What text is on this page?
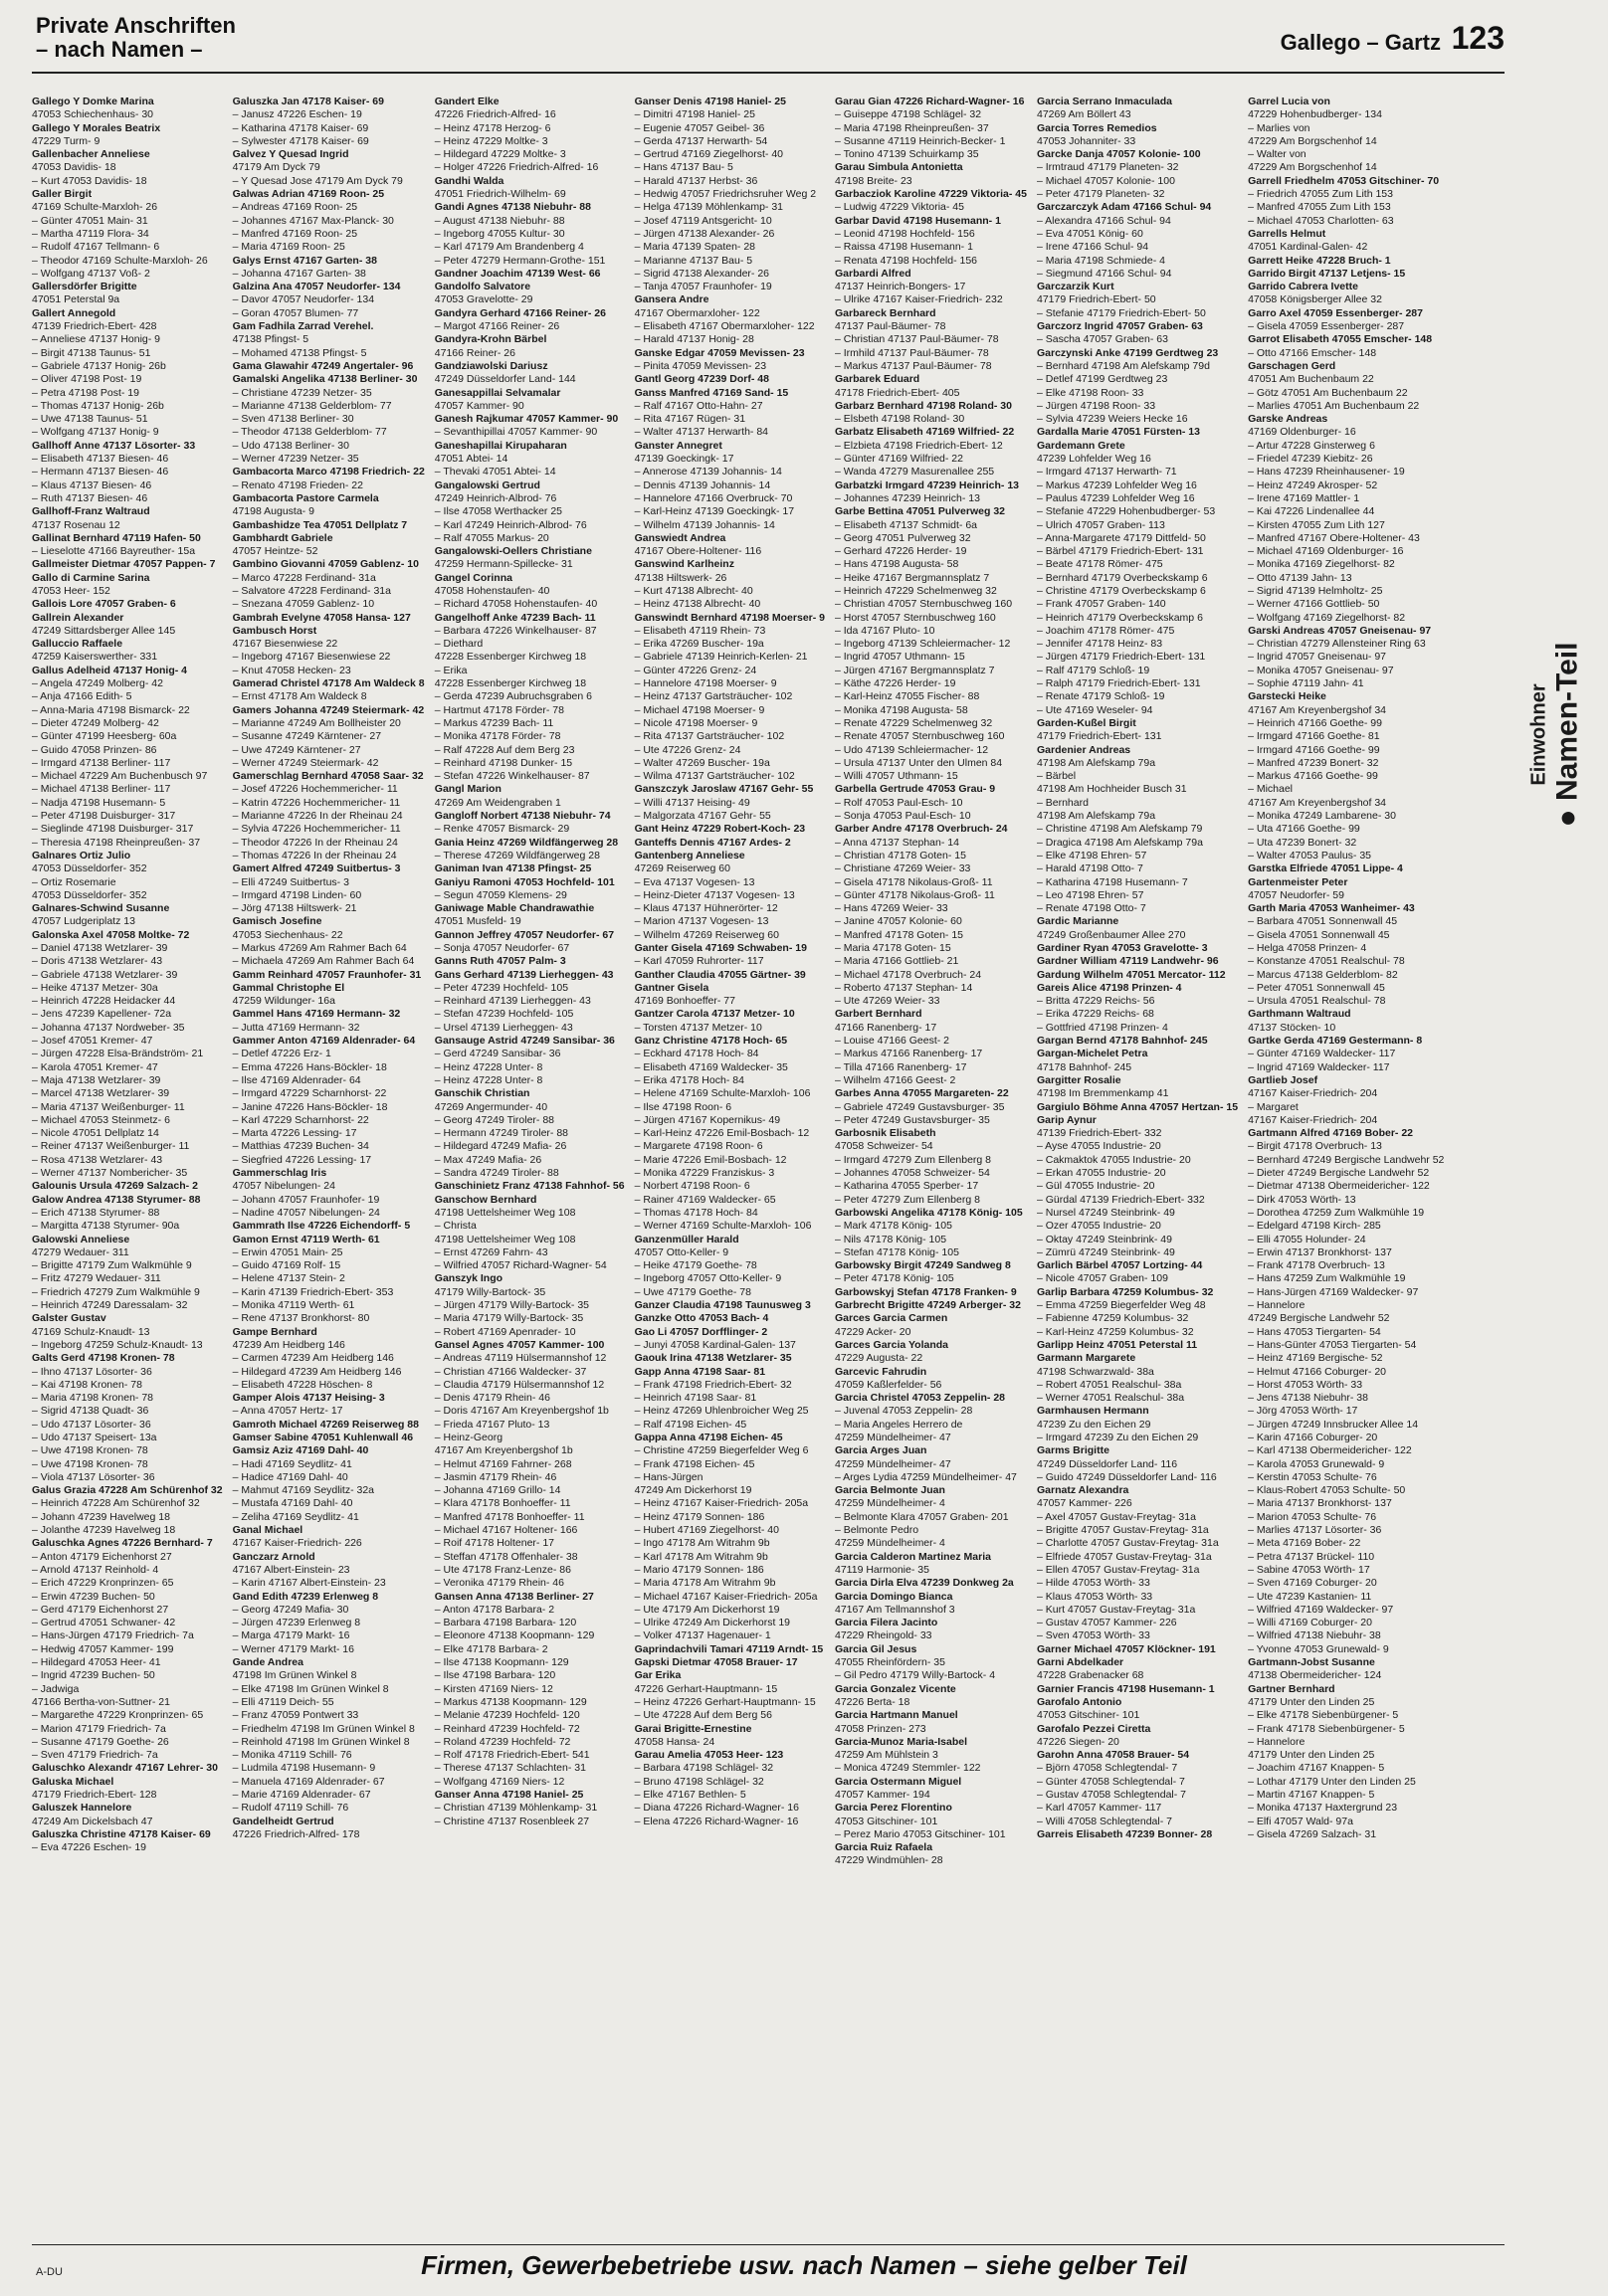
Private Anschriften
– nach Namen –	Gallego – Gartz 123
Gallego Y Domke Marina
47053 Schiechenhaus- 30
Gallego Y Morales Beatrix
47229 Turm- 9
Gallenbacher Anneliese
47053 Davidis- 18
– Kurt 47053 Davidis- 18
Galler Birgit
47169 Schulte-Marxloh- 26
– Günter 47051 Main- 31
– Martha 47119 Flora- 34
– Rudolf 47167 Tellmann- 6
– Theodor 47169 Schulte-Marxloh- 26
– Wolfgang 47137 Voß- 2
Gallersdörfer Brigitte
47051 Peterstal 9a
Gallert Annegold
47139 Friedrich-Ebert- 428
– Anneliese 47137 Honig- 9
– Birgit 47138 Taunus- 51
– Gabriele 47137 Honig- 26b
– Oliver 47198 Post- 19
– Petra 47198 Post- 19
– Thomas 47137 Honig- 26b
– Uwe 47138 Taunus- 51
– Wolfgang 47137 Honig- 9
Gallhoff Anne 47137 Lösorter- 33
– Elisabeth 47137 Biesen- 46
– Hermann 47137 Biesen- 46
– Klaus 47137 Biesen- 46
– Ruth 47137 Biesen- 46
Gallhoff-Franz Waltraud
47137 Rosenau 12
Gallinat Bernhard 47119 Hafen- 50
– Lieselotte 47166 Bayreuther- 15a
Gallmeister Dietmar 47057 Pappen- 7
Gallo di Carmine Sarina
47053 Heer- 152
Gallois Lore 47057 Graben- 6
Gallrein Alexander
47249 Sittardsberger Allee 145
Galluccio Raffaele
47259 Kaiserswerther- 331
Gallus Adelheid 47137 Honig- 4
– Angela 47249 Molberg- 42
– Anja 47166 Edith- 5
– Anna-Maria 47198 Bismarck- 22
– Dieter 47249 Molberg- 42
– Günter 47199 Heesberg- 60a
– Guido 47058 Prinzen- 86
– Irmgard 47138 Berliner- 117
– Michael 47229 Am Buchenbusch 97
– Michael 47138 Berliner- 117
– Nadja 47198 Husemann- 5
– Peter 47198 Duisburger- 317
– Sieglinde 47198 Duisburger- 317
– Theresia 47198 Rheinpreußen- 37
Galnares Ortiz Julio
47053 Düsseldorfer- 352
– Ortiz Rosemarie
47053 Düsseldorfer- 352
Galnares-Schwind Susanne
47057 Ludgeriplatz 13
Galonska Axel 47058 Moltke- 72
– Daniel 47138 Wetzlarer- 39
– Doris 47138 Wetzlarer- 43
– Gabriele 47138 Wetzlarer- 39
– Heike 47137 Metzer- 30a
– Heinrich 47228 Heidacker 44
– Jens 47239 Kapellener- 72a
– Johanna 47137 Nordweber- 35
– Josef 47051 Kremer- 47
– Jürgen 47228 Elsa-Brändström- 21
– Karola 47051 Kremer- 47
– Maja 47138 Wetzlarer- 39
– Marcel 47138 Wetzlarer- 39
– Maria 47137 Weißenburger- 11
– Michael 47053 Steinmetz- 6
– Nicole 47051 Dellplatz 14
– Reiner 47137 Weißenburger- 11
– Rosa 47138 Wetzlarer- 43
– Werner 47137 Nombericher- 35
Galounis Ursula 47269 Salzach- 2
Galow Andrea 47138 Styrumer- 88
– Erich 47138 Styrumer- 88
– Margitta 47138 Styrumer- 90a
Galowski Anneliese
47279 Wedauer- 311
– Brigitte 47179 Zum Walkmühle 9
– Fritz 47279 Wedauer- 311
– Friedrich 47279 Zum Walkmühle 9
– Heinrich 47249 Daressalam- 32
Galster Gustav
47169 Schulz-Knaudt- 13
– Ingeborg 47259 Schulz-Knaudt- 13
Galts Gerd 47198 Kronen- 78
– Ihno 47137 Lösorter- 36
– Kai 47198 Kronen- 78
– Maria 47198 Kronen- 78
– Sigrid 47138 Quadt- 36
– Udo 47137 Lösorter- 36
– Udo 47137 Speisert- 13a
– Uwe 47198 Kronen- 78
– Uwe 47198 Kronen- 78
– Viola 47137 Lösorter- 36
Galus Grazia 47228 Am Schürenhof 32
– Heinrich 47228 Am Schürenhof 32
– Johann 47239 Havelweg 18
– Jolanthe 47239 Havelweg 18
Galuschka Agnes 47226 Bernhard- 7
– Anton 47179 Eichenhorst 27
– Arnold 47137 Reinhold- 4
– Erich 47229 Kronprinzen- 65
– Erwin 47239 Buchen- 50
– Gerd 47179 Eichenhorst 27
– Gertrud 47051 Schwaner- 42
– Hans-Jürgen 47179 Friedrich- 7a
– Hedwig 47057 Kammer- 199
– Hildegard 47053 Heer- 41
– Ingrid 47239 Buchen- 50
– Jadwiga
47166 Bertha-von-Suttner- 21
– Margarethe 47229 Kronprinzen- 65
– Marion 47179 Friedrich- 7a
– Susanne 47179 Goethe- 26
– Sven 47179 Friedrich- 7a
Galuschko Alexandr 47167 Lehrer- 30
Galuska Michael
47179 Friedrich-Ebert- 128
Galuszek Hannelore
47249 Am Dickelsbach 47
Galuszka Christine 47178 Kaiser- 69
– Eva 47226 Eschen- 19
Galuszka Jan 47178 Kaiser- 69
– Janusz 47226 Eschen- 19
– Katharina 47178 Kaiser- 69
– Sylwester 47178 Kaiser- 69
Galvez Y Quesad Ingrid
47179 Am Dyck 79
– Y Quesad Jose 47179 Am Dyck 79
Galwas Adrian 47169 Roon- 25
– Andreas 47169 Roon- 25
– Johannes 47167 Max-Planck- 30
– Manfred 47169 Roon- 25
– Maria 47169 Roon- 25
Galys Ernst 47167 Garten- 38
– Johanna 47167 Garten- 38
Galzina Ana 47057 Neudorfer- 134
– Davor 47057 Neudorfer- 134
– Goran 47057 Blumen- 77
Gam Fadhila Zarrad Verehel.
47138 Pfingst- 5
– Mohamed 47138 Pfingst- 5
Gama Glawahir 47249 Angertaler- 96
Gamalski Angelika 47138 Berliner- 30
– Christiane 47239 Netzer- 35
– Marianne 47138 Gelderblom- 77
– Sven 47138 Berliner- 30
– Theodor 47138 Gelderblom- 77
– Udo 47138 Berliner- 30
– Werner 47239 Netzer- 35
Gambacorta Marco 47198 Friedrich- 22
– Renato 47198 Frieden- 22
Gambacorta Pastore Carmela
47198 Augusta- 9
Gambashidze Tea 47051 Dellplatz 7
Gambhardt Gabriele
47057 Heintze- 52
Gambino Giovanni 47059 Gablenz- 10
– Marco 47228 Ferdinand- 31a
– Salvatore 47228 Ferdinand- 31a
– Snezana 47059 Gablenz- 10
Gambrah Evelyne 47058 Hansa- 127
Gambusch Horst
47167 Biesenwiese 22
– Ingeborg 47167 Biesenwiese 22
– Knut 47058 Hecken- 23
Gamerad Christel 47178 Am Waldeck 8
– Ernst 47178 Am Waldeck 8
Gamers Johanna 47249 Steiermark- 42
– Marianne 47249 Am Bollheister 20
– Susanne 47249 Kärntener- 27
– Uwe 47249 Kärntener- 27
– Werner 47249 Steiermark- 42
Gamerschlag Bernhard 47058 Saar- 32
– Josef 47226 Hochemmericher- 11
– Katrin 47226 Hochemmericher- 11
– Marianne 47226 In der Rheinau 24
– Sylvia 47226 Hochemmericher- 11
– Theodor 47226 In der Rheinau 24
– Thomas 47226 In der Rheinau 24
Gamert Alfred 47249 Suitbertus- 3
– Elli 47249 Suitbertus- 3
– Irmgard 47198 Linden- 60
– Jörg 47138 Hiltswerk- 21
Gamisch Josefine
47053 Siechenhaus- 22
– Markus 47269 Am Rahmer Bach 64
– Michaela 47269 Am Rahmer Bach 64
Gamm Reinhard 47057 Fraunhofer- 31
Gammal Christophe El
47259 Wildunger- 16a
Gammel Hans 47169 Hermann- 32
– Jutta 47169 Hermann- 32
Gammer Anton 47169 Aldenrader- 64
– Detlef 47226 Erz- 1
– Emma 47226 Hans-Böckler- 18
– Ilse 47169 Aldenrader- 64
– Irmgard 47229 Scharnhorst- 22
– Janine 47226 Hans-Böckler- 18
– Karl 47229 Scharnhorst- 22
– Marta 47226 Lessing- 17
– Matthias 47239 Buchen- 34
– Siegfried 47226 Lessing- 17
Gammerschlag Iris
47057 Nibelungen- 24
– Johann 47057 Fraunhofer- 19
– Nadine 47057 Nibelungen- 24
Gammrath Ilse 47226 Eichendorff- 5
Gamon Ernst 47119 Werth- 61
– Erwin 47051 Main- 25
– Guido 47169 Rolf- 15
– Helene 47137 Stein- 2
– Karin 47139 Friedrich-Ebert- 353
– Monika 47119 Werth- 61
– Rene 47137 Bronkhorst- 80
Gampe Bernhard
47239 Am Heidberg 146
– Carmen 47239 Am Heidberg 146
– Hildegard 47239 Am Heidberg 146
– Elisabeth 47228 Höschen- 8
Gamper Alois 47137 Heising- 3
– Anna 47057 Hertz- 17
Gamroth Michael 47269 Reiserweg 88
Gamser Sabine 47051 Kuhlenwall 46
Gamsiz Aziz 47169 Dahl- 40
– Hadi 47169 Seydlitz- 41
– Hadice 47169 Dahl- 40
– Mahmut 47169 Seydlitz- 32a
– Mustafa 47169 Dahl- 40
– Zeliha 47169 Seydlitz- 41
Ganal Michael
47167 Kaiser-Friedrich- 226
Ganczarz Arnold
47167 Albert-Einstein- 23
– Karin 47167 Albert-Einstein- 23
Gand Edith 47239 Erlenweg 8
– Georg 47249 Mafia- 30
– Jürgen 47239 Erlenweg 8
– Marga 47179 Markt- 16
– Werner 47179 Markt- 16
Gande Andrea
47198 Im Grünen Winkel 8
– Elke 47198 Im Grünen Winkel 8
– Elli 47119 Deich- 55
– Franz 47059 Pontwert 33
– Friedhelm 47198 Im Grünen Winkel 8
– Reinhold 47198 Im Grünen Winkel 8
– Monika 47119 Schill- 76
– Ludmila 47198 Husemann- 9
– Manuela 47169 Aldenrader- 67
– Marie 47169 Aldenrader- 67
– Rudolf 47119 Schill- 76
Gandelheidt Gertrud
47226 Friedrich-Alfred- 178
Gandert Elke
47226 Friedrich-Alfred- 16
– Heinz 47178 Herzog- 6
– Heinz 47229 Moltke- 3
– Hildegard 47229 Moltke- 3
– Holger 47226 Friedrich-Alfred- 16
Gandhi Walda
47051 Friedrich-Wilhelm- 69
Gandi Agnes 47138 Niebuhr- 88
– August 47138 Niebuhr- 88
– Ingeborg 47055 Kultur- 30
– Karl 47179 Am Brandenberg 4
– Peter 47279 Hermann-Grothe- 151
Gandner Joachim 47139 West- 66
Gandolfo Salvatore
47053 Gravelotte- 29
Gandyra Gerhard 47166 Reiner- 26
– Margot 47166 Reiner- 26
Gandyra-Krohn Bärbel
47166 Reiner- 26
Gandziawolski Dariusz
47249 Düsseldorfer Land- 144
Ganesappillai Selvamalar
47057 Kammer- 90
Ganesh Rajkumar 47057 Kammer- 90
– Sevanthipillai 47057 Kammer- 90
Ganeshapillai Kirupaharan
47051 Abtei- 14
– Thevaki 47051 Abtei- 14
Gangalowski Gertrud
47249 Heinrich-Albrod- 76
– Ilse 47058 Werthacker 25
– Karl 47249 Heinrich-Albrod- 76
– Ralf 47055 Markus- 20
Gangalowski-Oellers Christiane
47259 Hermann-Spillecke- 31
Gangel Corinna
47058 Hohenstaufen- 40
– Richard 47058 Hohenstaufen- 40
Gangelhoff Anke 47239 Bach- 11
– Barbara 47226 Winkelhauser- 87
– Diethard
47228 Essenberger Kirchweg 18
– Erika
47228 Essenberger Kirchweg 18
– Gerda 47239 Aubruchsgraben 6
– Hartmut 47178 Förder- 78
– Markus 47239 Bach- 11
– Monika 47178 Förder- 78
– Ralf 47228 Auf dem Berg 23
– Reinhard 47198 Dunker- 15
– Stefan 47226 Winkelhauser- 87
Gangl Marion
47269 Am Weidengraben 1
Gangloff Norbert 47138 Niebuhr- 74
– Renke 47057 Bismarck- 29
Gania Heinz 47269 Wildfängerweg 28
– Therese 47269 Wildfängerweg 28
Ganiman Ivan 47138 Pfingst- 25
Ganiyu Ramoni 47053 Hochfeld- 101
– Segun 47059 Klemens- 29
Ganiwage Mable Chandrawathie
47051 Musfeld- 19
Gannon Jeffrey 47057 Neudorfer- 67
– Sonja 47057 Neudorfer- 67
Ganns Ruth 47057 Palm- 3
Gans Gerhard 47139 Lierheggen- 43
– Peter 47239 Hochfeld- 105
– Reinhard 47139 Lierheggen- 43
– Stefan 47239 Hochfeld- 105
– Ursel 47139 Lierheggen- 43
Gansauge Astrid 47249 Sansibar- 36
– Gerd 47249 Sansibar- 36
– Heinz 47228 Unter- 8
– Heinz 47228 Unter- 8
Ganschik Christian
47269 Angermunder- 40
– Georg 47249 Tiroler- 88
– Hermann 47249 Tiroler- 88
– Hildegard 47249 Mafia- 26
– Max 47249 Mafia- 26
– Sandra 47249 Tiroler- 88
Ganschinietz Franz 47138 Fahnhof- 56
Ganschow Bernhard
47198 Uettelsheimer Weg 108
– Christa
47198 Uettelsheimer Weg 108
– Ernst 47269 Fahrn- 43
– Wilfried 47057 Richard-Wagner- 54
Ganszyk Ingo
47179 Willy-Bartock- 35
– Jürgen 47179 Willy-Bartock- 35
– Maria 47179 Willy-Bartock- 35
– Robert 47169 Apenrader- 10
Gansel Agnes 47057 Kammer- 100
– Andreas 47119 Hülsermannshof 12
– Christian 47166 Waldecker- 37
– Claudia 47179 Hülsermannshof 12
– Denis 47179 Rhein- 46
– Doris 47167 Am Kreyenbergshof 1b
– Frieda 47167 Pluto- 13
– Heinz-Georg
47167 Am Kreyenbergshof 1b
– Helmut 47169 Fahrner- 268
– Jasmin 47179 Rhein- 46
– Johanna 47169 Grillo- 14
– Klara 47178 Bonhoeffer- 11
– Manfred 47178 Bonhoeffer- 11
– Michael 47167 Holtener- 166
– Roif 47178 Holtener- 17
– Steffan 47178 Offenhaler- 38
– Ute 47178 Franz-Lenze- 86
– Veronika 47179 Rhein- 46
Gansen Anna 47138 Berliner- 27
– Anton 47178 Barbara- 2
– Barbara 47198 Barbara- 120
– Eleonore 47138 Koopmann- 129
– Elke 47178 Barbara- 2
– Ilse 47138 Koopmann- 129
– Ilse 47198 Barbara- 120
– Kirsten 47169 Niers- 12
– Markus 47138 Koopmann- 129
– Melanie 47239 Hochfeld- 120
– Reinhard 47239 Hochfeld- 72
– Roland 47239 Hochfeld- 72
– Rolf 47178 Friedrich-Ebert- 541
– Therese 47137 Schlachten- 31
– Wolfgang 47169 Niers- 12
Ganser Anna 47198 Haniel- 25
– Christian 47139 Möhlenkamp- 31
– Christine 47137 Rosenbleek 27
Ganser Denis 47198 Haniel- 25
– Dimitri 47198 Haniel- 25
– Eugenie 47057 Geibel- 36
– Gerda 47137 Herwarth- 54
– Gertrud 47169 Ziegelhorst- 40
– Hans 47137 Bau- 5
– Harald 47137 Herbst- 36
– Hedwig 47057 Friedrichsruher Weg 2
– Helga 47139 Möhlenkamp- 31
– Josef 47119 Antsgericht- 10
– Jürgen 47138 Alexander- 26
– Maria 47139 Spaten- 28
– Marianne 47137 Bau- 5
– Sigrid 47138 Alexander- 26
– Tanja 47057 Fraunhofer- 19
Gansera Andre
47167 Obermarxloher- 122
– Elisabeth 47167 Obermarxloher- 122
– Harald 47137 Honig- 28
Ganske Edgar 47059 Mevissen- 23
– Pinita 47059 Mevissen- 23
Gantl Georg 47239 Dorf- 48
Ganss Manfred 47169 Sand- 15
– Ralf 47167 Otto-Hahn- 27
– Rita 47167 Rügen- 31
– Walter 47137 Herwarth- 84
Ganster Annegret
47139 Goeckingk- 17
– Annerose 47139 Johannis- 14
– Dennis 47139 Johannis- 14
– Hannelore 47166 Overbruck- 70
– Karl-Heinz 47139 Goeckingk- 17
– Wilhelm 47139 Johannis- 14
Ganswiedt Andrea
47167 Obere-Holtener- 116
Ganswind Karlheinz
47138 Hiltswerk- 26
– Kurt 47138 Albrecht- 40
– Heinz 47138 Albrecht- 40
Ganswindt Bernhard 47198 Moerser- 9
– Elisabeth 47119 Rhein- 73
– Erika 47269 Buscher- 19a
– Gabriele 47139 Heinrich-Kerlen- 21
– Günter 47226 Grenz- 24
– Hannelore 47198 Moerser- 9
– Heinz 47137 Gartsträucher- 102
– Michael 47198 Moerser- 9
– Nicole 47198 Moerser- 9
– Rita 47137 Gartsträucher- 102
– Ute 47226 Grenz- 24
– Walter 47269 Buscher- 19a
– Wilma 47137 Gartsträucher- 102
Ganszczyk Jaroslaw 47167 Gehr- 55
– Willi 47137 Heising- 49
– Malgorzata 47167 Gehr- 55
Gant Heinz 47229 Robert-Koch- 23
Ganteffs Dennis 47167 Ardes- 2
Gantenberg Anneliese
47269 Reiserweg 60
– Eva 47137 Vogesen- 13
– Heinz-Dieter 47137 Vogesen- 13
– Klaus 47137 Hühnerörter- 12
– Marion 47137 Vogesen- 13
– Wilhelm 47269 Reiserweg 60
Ganter Gisela 47169 Schwaben- 19
– Karl 47059 Ruhrorter- 117
Ganther Claudia 47055 Gärtner- 39
Gantner Gisela
47169 Bonhoeffer- 77
Gantzer Carola 47137 Metzer- 10
– Torsten 47137 Metzer- 10
Ganz Christine 47178 Hoch- 65
– Eckhard 47178 Hoch- 84
– Elisabeth 47169 Waldecker- 35
– Erika 47178 Hoch- 84
– Helene 47169 Schulte-Marxloh- 106
– Ilse 47198 Roon- 6
– Jürgen 47167 Kopernikus- 49
– Karl-Heinz 47226 Emil-Bosbach- 12
– Margarete 47198 Roon- 6
– Marie 47226 Emil-Bosbach- 12
– Monika 47229 Franziskus- 3
– Norbert 47198 Roon- 6
– Rainer 47169 Waldecker- 65
– Thomas 47178 Hoch- 84
– Werner 47169 Schulte-Marxloh- 106
Ganzenmüller Harald
47057 Otto-Keller- 9
– Heike 47179 Goethe- 78
– Ingeborg 47057 Otto-Keller- 9
– Uwe 47179 Goethe- 78
Ganzer Claudia 47198 Taunusweg 3
Ganzke Otto 47053 Bach- 4
Gao Li 47057 Dorfflinger- 2
– Junyi 47058 Kardinal-Galen- 137
Gaouk Irina 47138 Wetzlarer- 35
Gapp Anna 47198 Saar- 81
– Frank 47198 Friedrich-Ebert- 32
– Heinrich 47198 Saar- 81
– Heinz 47269 Uhlenbroicher Weg 25
– Ralf 47198 Eichen- 45
Gappa Anna 47198 Eichen- 45
– Christine 47259 Biegerfelder Weg 6
– Frank 47198 Eichen- 45
– Hans-Jürgen
47249 Am Dickerhorst 19
– Heinz 47167 Kaiser-Friedrich- 205a
– Heinz 47179 Sonnen- 186
– Hubert 47169 Ziegelhorst- 40
– Ingo 47178 Am Witrahm 9b
– Karl 47178 Am Witrahm 9b
– Mario 47179 Sonnen- 186
– Maria 47178 Am Witrahm 9b
– Michael 47167 Kaiser-Friedrich- 205a
– Ute 47179 Am Dickerhorst 19
– Ulrike 47249 Am Dickerhorst 19
– Volker 47137 Hagenauer- 1
Gaprindachvili Tamari 47119 Arndt- 15
Gapski Dietmar 47058 Brauer- 17
Gar Erika
47226 Gerhart-Hauptmann- 15
– Heinz 47226 Gerhart-Hauptmann- 15
– Ute 47228 Auf dem Berg 56
Garai Brigitte-Ernestine
47058 Hansa- 24
Garau Amelia 47053 Heer- 123
– Barbara 47198 Schlägel- 32
– Bruno 47198 Schlägel- 32
– Elke 47167 Bethlen- 5
– Diana 47226 Richard-Wagner- 16
– Elena 47226 Richard-Wagner- 16
Garau Gian 47226 Richard-Wagner- 16
– Guiseppe 47198 Schlägel- 32
– Maria 47198 Rheinpreußen- 37
– Susanne 47119 Heinrich-Becker- 1
– Tonino 47139 Schuirkamp 35
Garau Simbula Antonietta
47198 Breite- 23
Garbacziok Karoline 47229 Viktoria- 45
– Ludwig 47229 Viktoria- 45
Garbar David 47198 Husemann- 1
– Leonid 47198 Hochfeld- 156
– Raissa 47198 Husemann- 1
– Renata 47198 Hochfeld- 156
Garbardi Alfred
47137 Heinrich-Bongers- 17
– Ulrike 47167 Kaiser-Friedrich- 232
Garbareck Bernhard
47137 Paul-Bäumer- 78
– Christian 47137 Paul-Bäumer- 78
– Irmhild 47137 Paul-Bäumer- 78
– Markus 47137 Paul-Bäumer- 78
Garbarek Eduard
47178 Friedrich-Ebert- 405
Garbarz Bernhard 47198 Roland- 30
– Elsbeth 47198 Roland- 30
Garbatz Elisabeth 47169 Wilfried- 22
– Elzbieta 47198 Friedrich-Ebert- 12
– Günter 47169 Wilfried- 22
– Wanda 47279 Masurenallee 255
Garbatzki Irmgard 47239 Heinrich- 13
– Johannes 47239 Heinrich- 13
Garbe Bettina 47051 Pulverweg 32
– Elisabeth 47137 Schmidt- 6a
– Georg 47051 Pulverweg 32
– Gerhard 47226 Herder- 19
– Hans 47198 Augusta- 58
– Heike 47167 Bergmannsplatz 7
– Heinrich 47229 Schelmenweg 32
– Christian 47057 Sternbuschweg 160
– Horst 47057 Sternbuschweg 160
– Ida 47167 Pluto- 10
– Ingeborg 47139 Schleiermacher- 12
– Ingrid 47057 Uthmann- 15
– Jürgen 47167 Bergmannsplatz 7
– Käthe 47226 Herder- 19
– Karl-Heinz 47055 Fischer- 88
– Monika 47198 Augusta- 58
– Renate 47229 Schelmenweg 32
– Renate 47057 Sternbuschweg 160
– Udo 47139 Schleiermacher- 12
– Ursula 47137 Unter den Ulmen 84
– Willi 47057 Uthmann- 15
Garbella Gertrude 47053 Grau- 9
– Rolf 47053 Paul-Esch- 10
– Sonja 47053 Paul-Esch- 10
Garber Andre 47178 Overbruch- 24
– Anna 47137 Stephan- 14
– Christian 47178 Goten- 15
– Christiane 47269 Weier- 33
– Gisela 47178 Nikolaus-Groß- 11
– Günter 47178 Nikolaus-Groß- 11
– Hans 47269 Weier- 33
– Janine 47057 Kolonie- 60
– Manfred 47178 Goten- 15
– Maria 47178 Goten- 15
– Maria 47166 Gottlieb- 21
– Michael 47178 Overbruch- 24
– Roberto 47137 Stephan- 14
– Ute 47269 Weier- 33
Garbert Bernhard
47166 Ranenberg- 17
– Louise 47166 Geest- 2
– Markus 47166 Ranenberg- 17
– Tilla 47166 Ranenberg- 17
– Wilhelm 47166 Geest- 2
Garbes Anna 47055 Margareten- 22
– Gabriele 47249 Gustavsburger- 35
– Peter 47249 Gustavsburger- 35
Garbosnik Elisabeth
47058 Schweizer- 54
– Irmgard 47279 Zum Ellenberg 8
– Johannes 47058 Schweizer- 54
– Katharina 47055 Sperber- 17
– Peter 47279 Zum Ellenberg 8
Garbowski Angelika 47178 König- 105
– Mark 47178 König- 105
– Nils 47178 König- 105
– Stefan 47178 König- 105
Garbowsky Birgit 47249 Sandweg 8
– Peter 47178 König- 105
Garbowskyj Stefan 47178 Franken- 9
Garbrecht Brigitte 47249 Arberger- 32
Garces Garcia Carmen
47229 Acker- 20
Garces Garcia Yolanda
47229 Augusta- 22
Garcevic Fahrudin
47059 Kaßlerfelder- 56
Garcia Christel 47053 Zeppelin- 28
– Juvenal 47053 Zeppelin- 28
– Maria Angeles Herrero de
47259 Mündelheimer- 47
Garcia Arges Juan
47259 Mündelheimer- 47
– Arges Lydia 47259 Mündelheimer- 47
Garcia Belmonte Juan
47259 Mündelheimer- 4
– Belmonte Klara 47057 Graben- 201
– Belmonte Pedro
47259 Mündelheimer- 4
Garcia Calderon Martinez Maria
47119 Harmonie- 35
Garcia Dirla Elva 47239 Donkweg 2a
Garcia Domingo Bianca
47167 Am Tellmannshof 3
Garcia Filera Jacinto
47229 Rheingold- 33
Garcia Gil Jesus
47055 Rheinfördern- 35
– Gil Pedro 47179 Willy-Bartock- 4
Garcia Gonzalez Vicente
47226 Berta- 18
Garcia Hartmann Manuel
47058 Prinzen- 273
Garcia-Munoz Maria-Isabel
47259 Am Mühlstein 3
– Monica 47249 Stemmler- 122
Garcia Ostermann Miguel
47057 Kammer- 194
Garcia Perez Florentino
47053 Gitschiner- 101
– Perez Mario 47053 Gitschiner- 101
Garcia Ruiz Rafaela
47229 Windmühlen- 28
Garcia Serrano Inmaculada
47269 Am Böllert 43
Garcia Torres Remedios
47053 Johanniter- 33
Garcke Danja 47057 Kolonie- 100
– Irmtraud 47179 Planeten- 32
– Michael 47057 Kolonie- 100
– Peter 47179 Planeten- 32
Garczarczyk Adam 47166 Schul- 94
– Alexandra 47166 Schul- 94
– Eva 47051 König- 60
– Irene 47166 Schul- 94
– Maria 47198 Schmiede- 4
– Siegmund 47166 Schul- 94
Garczarzik Kurt
47179 Friedrich-Ebert- 50
– Stefanie 47179 Friedrich-Ebert- 50
Garczorz Ingrid 47057 Graben- 63
– Sascha 47057 Graben- 63
Garczynski Anke 47199 Gerdtweg 23
– Bernhard 47198 Am Alefskamp 79d
– Detlef 47199 Gerdtweg 23
– Elke 47198 Roon- 33
– Jürgen 47198 Roon- 33
– Sylvia 47239 Weiers Hecke 16
Gardalla Marie 47051 Fürsten- 13
Gardemann Grete
47239 Lohfelder Weg 16
– Irmgard 47137 Herwarth- 71
– Markus 47239 Lohfelder Weg 16
– Paulus 47239 Lohfelder Weg 16
– Stefanie 47229 Hohenbudberger- 53
– Ulrich 47057 Graben- 113
– Anna-Margarete 47179 Dittfeld- 50
– Bärbel 47179 Friedrich-Ebert- 131
– Beate 47178 Römer- 475
– Bernhard 47179 Overbeckskamp 6
– Christine 47179 Overbeckskamp 6
– Frank 47057 Graben- 140
– Heinrich 47179 Overbeckskamp 6
– Joachim 47178 Römer- 475
– Jennifer 47178 Heinz- 83
– Jürgen 47179 Friedrich-Ebert- 131
– Ralf 47179 Schloß- 19
– Ralph 47179 Friedrich-Ebert- 131
– Renate 47179 Schloß- 19
– Ute 47169 Weseler- 94
Garden-Kußel Birgit
47179 Friedrich-Ebert- 131
Gardenier Andreas
47198 Am Alefskamp 79a
– Bärbel
47198 Am Hochheider Busch 31
– Bernhard
47198 Am Alefskamp 79a
– Christine 47198 Am Alefskamp 79
– Dragica 47198 Am Alefskamp 79a
– Elke 47198 Ehren- 57
– Harald 47198 Otto- 7
– Katharina 47198 Husemann- 7
– Leo 47198 Ehren- 57
– Renate 47198 Otto- 7
Gardic Marianne
47249 Großenbaumer Allee 270
Gardiner Ryan 47053 Gravelotte- 3
Gardner William 47119 Landwehr- 96
Gardung Wilhelm 47051 Mercator- 112
Gareis Alice 47198 Prinzen- 4
– Britta 47229 Reichs- 56
– Erika 47229 Reichs- 68
– Gottfried 47198 Prinzen- 4
Gargan Bernd 47178 Bahnhof- 245
Gargan-Michelet Petra
47178 Bahnhof- 245
Gargitter Rosalie
47198 Im Bremmenkamp 41
Gargiulo Böhme Anna 47057 Hertzan- 15
Garip Aynur
47139 Friedrich-Ebert- 332
– Ayse 47055 Industrie- 20
– Cakmaktok 47055 Industrie- 20
– Erkan 47055 Industrie- 20
– Gül 47055 Industrie- 20
– Gürdal 47139 Friedrich-Ebert- 332
– Nursel 47249 Steinbrink- 49
– Ozer 47055 Industrie- 20
– Oktay 47249 Steinbrink- 49
– Zümrü 47249 Steinbrink- 49
Garlich Bärbel 47057 Lortzing- 44
– Nicole 47057 Graben- 109
Garlip Barbara 47259 Kolumbus- 32
– Emma 47259 Biegerfelder Weg 48
– Fabienne 47259 Kolumbus- 32
– Karl-Heinz 47259 Kolumbus- 32
Garlipp Heinz 47051 Peterstal 11
Garmann Margarete
47198 Schwarzwald- 38a
– Robert 47051 Realschul- 38a
– Werner 47051 Realschul- 38a
Garmhausen Hermann
47239 Zu den Eichen 29
– Irmgard 47239 Zu den Eichen 29
Garms Brigitte
47249 Düsseldorfer Land- 116
– Guido 47249 Düsseldorfer Land- 116
Garnatz Alexandra
47057 Kammer- 226
– Axel 47057 Gustav-Freytag- 31a
– Brigitte 47057 Gustav-Freytag- 31a
– Charlotte 47057 Gustav-Freytag- 31a
– Elfriede 47057 Gustav-Freytag- 31a
– Ellen 47057 Gustav-Freytag- 31a
– Hilde 47053 Wörth- 33
– Klaus 47053 Wörth- 33
– Kurt 47057 Gustav-Freytag- 31a
– Gustav 47057 Kammer- 226
– Sven 47053 Wörth- 33
Garner Michael 47057 Klöckner- 191
Garni Abdelkader
47228 Grabenacker 68
Garnier Francis 47198 Husemann- 1
Garofalo Antonio
47053 Gitschiner- 101
Garofalo Pezzei Ciretta
47226 Siegen- 20
Garohn Anna 47058 Brauer- 54
– Björn 47058 Schlegtendal- 7
– Günter 47058 Schlegtendal- 7
– Gustav 47058 Schlegtendal- 7
– Karl 47057 Kammer- 117
– Willi 47058 Schlegtendal- 7
Garreis Elisabeth 47239 Bonner- 28
Garrel Lucia von
47229 Hohenbudberger- 134
– Marlies von
47229 Am Borgschenhof 14
– Walter von
47229 Am Borgschenhof 14
Garrell Friedhelm 47053 Gitschiner- 70
– Friedrich 47055 Zum Lith 153
– Manfred 47055 Zum Lith 153
– Michael 47053 Charlotten- 63
Garrells Helmut
47051 Kardinal-Galen- 42
Garrett Heike 47228 Bruch- 1
Garrido Birgit 47137 Letjens- 15
Garrido Cabrera Ivette
47058 Königsberger Allee 32
Garro Axel 47059 Essenberger- 287
– Gisela 47059 Essenberger- 287
Garrot Elisabeth 47055 Emscher- 148
– Otto 47166 Emscher- 148
Garschagen Gerd
47051 Am Buchenbaum 22
– Götz 47051 Am Buchenbaum 22
– Marlies 47051 Am Buchenbaum 22
Garske Andreas
47169 Oldenburger- 16
– Artur 47228 Ginsterweg 6
– Friedel 47239 Kiebitz- 26
– Hans 47239 Rheinhausener- 19
– Heinz 47249 Akrosper- 52
– Irene 47169 Mattler- 1
– Kai 47226 Lindenallee 44
– Kirsten 47055 Zum Lith 127
– Manfred 47167 Obere-Holtener- 43
– Michael 47169 Oldenburger- 16
– Monika 47169 Ziegelhorst- 82
– Otto 47139 Jahn- 13
– Sigrid 47139 Helmholtz- 25
– Werner 47166 Gottlieb- 50
– Wolfgang 47169 Ziegelhorst- 82
Garski Andreas 47057 Gneisenau- 97
– Christian 47279 Allensteiner Ring 63
– Ingrid 47057 Gneisenau- 97
– Monika 47057 Gneisenau- 97
– Sophie 47119 Jahn- 41
Garstecki Heike
47167 Am Kreyenbergshof 34
– Heinrich 47166 Goethe- 99
– Irmgard 47166 Goethe- 81
– Irmgard 47166 Goethe- 99
– Manfred 47239 Bonert- 32
– Markus 47166 Goethe- 99
– Michael
47167 Am Kreyenbergshof 34
– Monika 47249 Lambarene- 30
– Uta 47166 Goethe- 99
– Uta 47239 Bonert- 32
– Walter 47053 Paulus- 35
Garstka Elfriede 47051 Lippe- 4
Gartenmeister Peter
47057 Neudorfer- 59
Garth Maria 47053 Wanheimer- 43
– Barbara 47051 Sonnenwall 45
– Gisela 47051 Sonnenwall 45
– Helga 47058 Prinzen- 4
– Konstanze 47051 Realschul- 78
– Marcus 47138 Gelderblom- 82
– Peter 47051 Sonnenwall 45
– Ursula 47051 Realschul- 78
Garthmann Waltraud
47137 Stöcken- 10
Gartke Gerda 47169 Gestermann- 8
– Günter 47169 Waldecker- 117
– Ingrid 47169 Waldecker- 117
Gartlieb Josef
47167 Kaiser-Friedrich- 204
– Margaret
47167 Kaiser-Friedrich- 204
Gartmann Alfred 47169 Bober- 22
– Birgit 47178 Overbruch- 13
– Bernhard 47249 Bergische Landwehr 52
– Dieter 47249 Bergische Landwehr 52
– Dietmar 47138 Obermeidericher- 122
– Dirk 47053 Wörth- 13
– Dorothea 47259 Zum Walkmühle 19
– Edelgard 47198 Kirch- 285
– Elli 47055 Holunder- 24
– Erwin 47137 Bronkhorst- 137
– Frank 47178 Overbruch- 13
– Hans 47259 Zum Walkmühle 19
– Hans-Jürgen 47169 Waldecker- 97
– Hannelore
47249 Bergische Landwehr 52
– Hans 47053 Tiergarten- 54
– Hans-Günter 47053 Tiergarten- 54
– Heinz 47169 Bergische- 52
– Helmut 47166 Coburger- 20
– Horst 47053 Wörth- 33
– Jens 47138 Niebuhr- 38
– Jörg 47053 Wörth- 17
– Jürgen 47249 Innsbrucker Allee 14
– Karin 47166 Coburger- 20
– Karl 47138 Obermeidericher- 122
– Karola 47053 Grunewald- 9
– Kerstin 47053 Schulte- 76
– Klaus-Robert 47053 Schulte- 50
– Maria 47137 Bronkhorst- 137
– Marion 47053 Schulte- 76
– Marlies 47137 Lösorter- 36
– Meta 47169 Bober- 22
– Petra 47137 Brückel- 110
– Sabine 47053 Wörth- 17
– Sven 47169 Coburger- 20
– Ute 47239 Kastanien- 11
– Wilfried 47169 Waldecker- 97
– Willi 47169 Coburger- 20
– Wilfried 47138 Niebuhr- 38
– Yvonne 47053 Grunewald- 9
Gartmann-Jobst Susanne
47138 Obermeidericher- 124
Gartner Bernhard
47179 Unter den Linden 25
– Elke 47178 Siebenbürgener- 5
– Frank 47178 Siebenbürgener- 5
– Hannelore
47179 Unter den Linden 25
– Joachim 47167 Knappen- 5
– Lothar 47179 Unter den Linden 25
– Martin 47167 Knappen- 5
– Monika 47137 Haxtergrund 23
– Elfi 47057 Wald- 97a
– Gisela 47269 Salzach- 31
Einwohner ● Namen-Teil
Firmen, Gewerbebetriebe usw. nach Namen – siehe gelber Teil
A-DU
